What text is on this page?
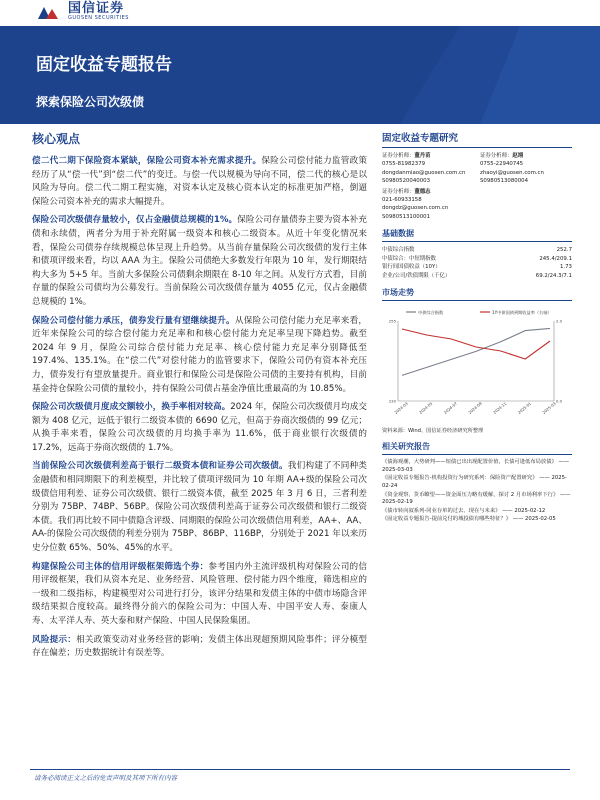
国信证券
GUOSEN SECURITIES
固定收益专题报告
探索保险公司次级债
核心观点
偿二代二期下保险资本紧缺，保险公司资本补充需求提升。保险公司偿付能力监管政策经历了从“偿一代”到“偿二代”的变迁。与偿一代以规模为导向不同，偿二代的核心是以风险为导向。偿二代二期工程实施，对资本认定及核心资本认定的标准更加严格，倒逼保险公司资本补充的需求大幅提升。
保险公司次级债存量较小，仅占金融债总规模的1%。保险公司存量债券主要为资本补充债和永续债，两者分为用于补充附属一级资本和核心二级资本。从近十年变化情况来看，保险公司债券存续规模总体呈现上升趋势。从当前存量保险公司次级债的发行主体和债项评级来看，均以 AAA 为主。保险公司债绝大多数发行年限为 10 年，发行期限结构大多为 5+5 年。当前大多保险公司债剩余期限在 8-10 年之间。从发行方式看，目前存量的保险公司债均为公募发行。当前保险公司次级债存量为 4055 亿元，仅占金融债总规模的 1%。
保险公司偿付能力承压，债券发行量有望继续提升。从保险公司偿付能力充足率来看，近年来保险公司的综合偿付能力充足率和和核心偿付能力充足率呈现下降趋势。截至 2024 年 9 月，保险公司综合偿付能力充足率、核心偿付能力充足率分别降低至 197.4%、135.1%。在“偿二代”对偿付能力的监管要求下，保险公司仍有资本补充压力，债券发行有望放量提升。商业银行和保险公司是保险公司债的主要持有机构，目前基金持仓保险公司债的量较小，持有保险公司债占基金净值比重最高的为 10.85%。
保险公司次级债月度成交额较小，换手率相对较高。2024 年，保险公司次级债月均成交额为 408 亿元，远低于银行二级资本债的 6690 亿元，但高于券商次级债的 99 亿元；从换手率来看，保险公司次级债的月均换手率为 11.6%，低于商业银行次级债的 17.2%，远高于券商次级债的 1.7%。
当前保险公司次级债利差高于银行二级资本债和证券公司次级债。我们构建了不同种类金融债和相同期限下的利差模型，并比较了债项评级同为 10 年期 AA+级的保险公司次级债信用利差、证券公司次级债、银行二级资本债，截至 2025 年 3 月 6 日，三者利差分别为 75BP、74BP、56BP。保险公司次级债利差高于证券公司次级债和银行二级资本债。我们再比较不同中债隐含评级、同期限的保险公司次级债信用利差，AA+、AA、AA-的保险公司次级债的利差分别为 75BP、86BP、116BP，分别处于 2021 年以来历史分位数 65%、50%、45%的水平。
构建保险公司主体的信用评级框架筛选个券：参考国内外主流评级机构对保险公司的信用评级框架，我们从资本充足、业务经营、风险管理、偿付能力四个维度，筛选相应的一级和二级指标，构建模型对公司进行打分，该评分结果和发债主体的中债市场隐含评级结果拟合度较高。最终得分前六的保险公司为：中国人寿、中国平安人寿、泰康人寿、太平洋人寿、英大泰和财产保险、中国人民保险集团。
风险提示：相关政策变动对业务经营的影响；发债主体出现超预期风险事件；评分模型存在偏差；历史数据统计有误差等。
固定收益专题研究
证券分析师：董丹苗
0755-81982379
dongdanmiao@guosen.com.cn
S0980520040003
证券分析师：赵翊
0755-22940745
zhaoyi@guosen.com.cn
S0980513080004
证券分析师：董德志
021-60933158
dongdz@guosen.com.cn
S0980513100001
基础数据
中债综合指数	252.7
中债综合：中短期指数	245.4/209.1
银行间国债收益（10Y）	1.73
企业/公司/铁债期限（千亿）	69.2/24.3/7.1
市场走势
中债综合指数	1Y中债国债到期收益率（右轴）
2024-03 2024-05 2024-07 2024-09 2024-11 2025-01 2025-03
230
255
0.0
2.0
资料来源：Wind、国信证券经济研究所整理
相关研究报告
《债海观潮，大势研判——短债已出出现配置价值，长债可逢低布局放债》 —— 2025-03-03
《固定收益专题报告-机构投资行为研究系列：保险资产配置研究》 —— 2025-02-24
《资金观察，货币瞭望——资金面压力略有缓解，探讨 2 月市场利率下行》 —— 2025-02-19
《债市转向叙系列-同业存单的过去、现在与未来》 —— 2025-02-12
《固定收益专题报告-提前兑付的城投债有哪些特征？》 —— 2025-02-05
请务必阅读正文之后的免责声明及其项下所有内容
